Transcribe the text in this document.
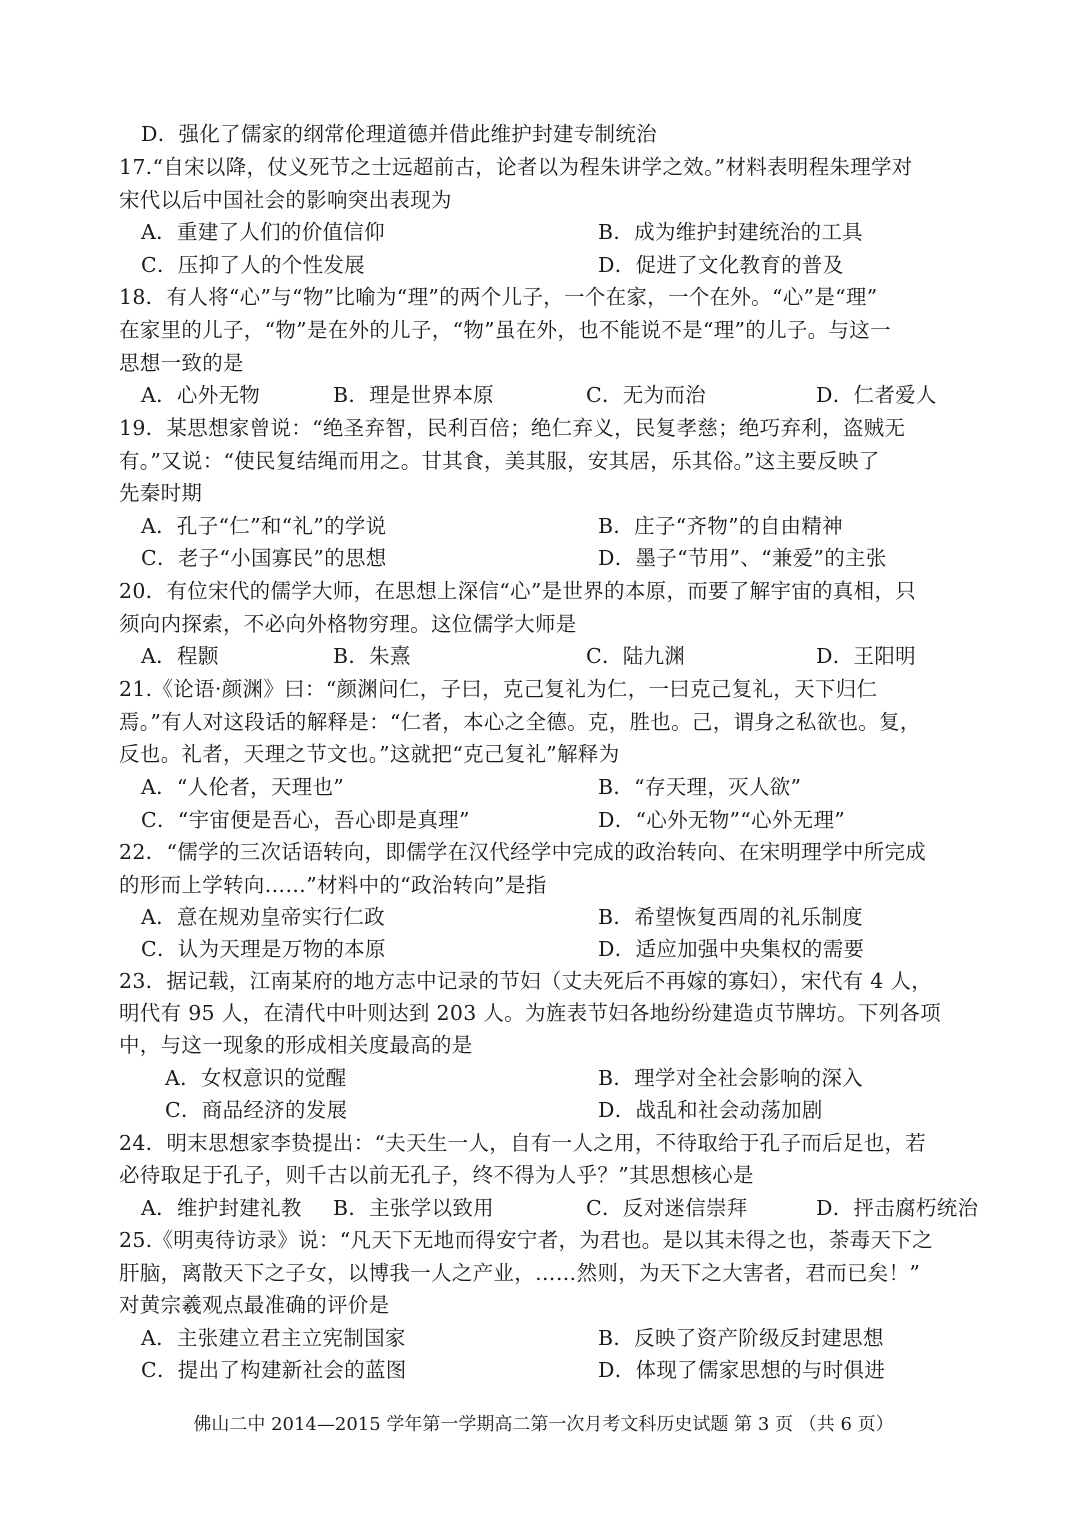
D．强化了儒家的纲常伦理道德并借此维护封建专制统治
17.“自宋以降，仗义死节之士远超前古，论者以为程朱讲学之效。”材料表明程朱理学对
宋代以后中国社会的影响突出表现为
A．重建了人们的价值信仰	B．成为维护封建统治的工具
C．压抑了人的个性发展	D．促进了文化教育的普及
18．有人将“心”与“物”比喻为“理”的两个儿子，一个在家，一个在外。“心”是“理”
在家里的儿子，“物”是在外的儿子，“物”虽在外，也不能说不是“理”的儿子。与这一
思想一致的是
A．心外无物	B．理是世界本原	C．无为而治	D．仁者爱人
19．某思想家曾说：“绝圣弃智，民利百倍；绝仁弃义，民复孝慈；绝巧弃利，盗贼无
有。”又说：“使民复结绳而用之。甘其食，美其服，安其居，乐其俗。”这主要反映了
先秦时期
A．孔子“仁”和“礼”的学说	B．庄子“齐物”的自由精神
C．老子“小国寡民”的思想	D．墨子“节用”、“兼爱”的主张
20．有位宋代的儒学大师，在思想上深信“心”是世界的本原，而要了解宇宙的真相，只
须向内探索，不必向外格物穷理。这位儒学大师是
A．程颢	B．朱熹	C．陆九渊	D．王阳明
21.《论语·颜渊》曰：“颜渊问仁，子曰，克己复礼为仁，一曰克己复礼，天下归仁
焉。”有人对这段话的解释是：“仁者，本心之全德。克，胜也。己，谓身之私欲也。复，
反也。礼者，天理之节文也。”这就把“克己复礼”解释为
A．“人伦者，天理也”	B．“存天理，灭人欲”
C．“宇宙便是吾心，吾心即是真理”	D．“心外无物”“心外无理”
22．“儒学的三次话语转向，即儒学在汉代经学中完成的政治转向、在宋明理学中所完成
的形而上学转向……”材料中的“政治转向”是指
A．意在规劝皇帝实行仁政	B．希望恢复西周的礼乐制度
C．认为天理是万物的本原	D．适应加强中央集权的需要
23．据记载，江南某府的地方志中记录的节妇（丈夫死后不再嫁的寡妇），宋代有 4 人，
明代有 95 人，在清代中叶则达到 203 人。为旌表节妇各地纷纷建造贞节牌坊。下列各项
中，与这一现象的形成相关度最高的是
A．女权意识的觉醒	B．理学对全社会影响的深入
C．商品经济的发展	D．战乱和社会动荡加剧
24．明末思想家李贽提出：“夫天生一人，自有一人之用，不待取给于孔子而后足也，若
必待取足于孔子，则千古以前无孔子，终不得为人乎？”其思想核心是
A．维护封建礼教 B．主张学以致用	C．反对迷信崇拜	D．抨击腐朽统治
25.《明夷待访录》说：“凡天下无地而得安宁者，为君也。是以其未得之也，荼毒天下之
肝脑，离散天下之子女，以博我一人之产业，……然则，为天下之大害者，君而已矣！”
对黄宗羲观点最准确的评价是
A．主张建立君主立宪制国家	B．反映了资产阶级反封建思想
C．提出了构建新社会的蓝图	D．体现了儒家思想的与时俱进
佛山二中 2014—2015 学年第一学期高二第一次月考文科历史试题 第 3 页 （共 6 页）
